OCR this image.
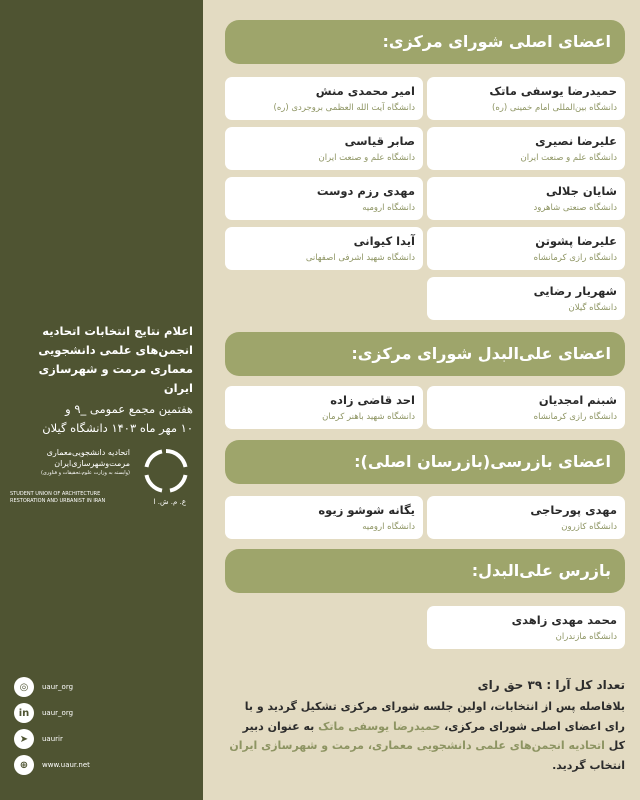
اعلام نتایج انتخابات اتحادیه
انجمن‌های علمی دانشجویی
معماری مرمت و شهرسازی ایران
هفتمین مجمع عمومی _۹ و
۱۰ مهر ماه ۱۴۰۳ دانشگاه گیلان
ع. م. ش. ا
اتحادیه‌ دانشجویی‌معماری
مرمت‌وشهرسازی‌ایران
(وابسته به وزارت علوم،تحقیقات و فناوری)
STUDENT UNION OF ARCHITECTURE
RESTORATION AND URBANIST IN IRAN
◎	uaur_org
in	uaur_org
➤	uaurir
⊕	www.uaur.net
اعضای اصلی شورای مرکزی:
حمیدرضا یوسفی ماتک
دانشگاه بین‌المللی امام خمینی (ره)
امیر محمدی منش
دانشگاه آیت الله العظمی بروجردی (ره)
علیرضا نصیری
دانشگاه علم و صنعت ایران
صابر قیاسی
دانشگاه علم و صنعت ایران
شایان جلالی
دانشگاه صنعتی شاهرود
مهدی رزم دوست
دانشگاه ارومیه
علیرضا پشوتن
دانشگاه رازی کرمانشاه
آیدا کیوانی
دانشگاه شهید اشرفی اصفهانی
شهریار رضایی
دانشگاه گیلان
اعضای علی‌البدل شورای مرکزی:
شبنم امجدیان
دانشگاه رازی کرمانشاه
احد قاضی زاده
دانشگاه شهید باهنر کرمان
اعضای بازرسی(بازرسان اصلی):
مهدی پورحاجی
دانشگاه کازرون
یگانه شوشو زیوه
دانشگاه ارومیه
بازرس علی‌البدل:
محمد مهدی زاهدی
دانشگاه مازندران
تعداد کل آرا : ۳۹ حق رای
بلافاصله پس از انتخابات، اولین جلسه شورای مرکزی تشکیل گردید و با رای اعضای اصلی شورای مرکزی، حمیدرضا یوسفی ماتک به عنوان دبیر کل اتحادیه انجمن‌های علمی دانشجویی معماری، مرمت و شهرسازی ایران انتخاب گردید.
